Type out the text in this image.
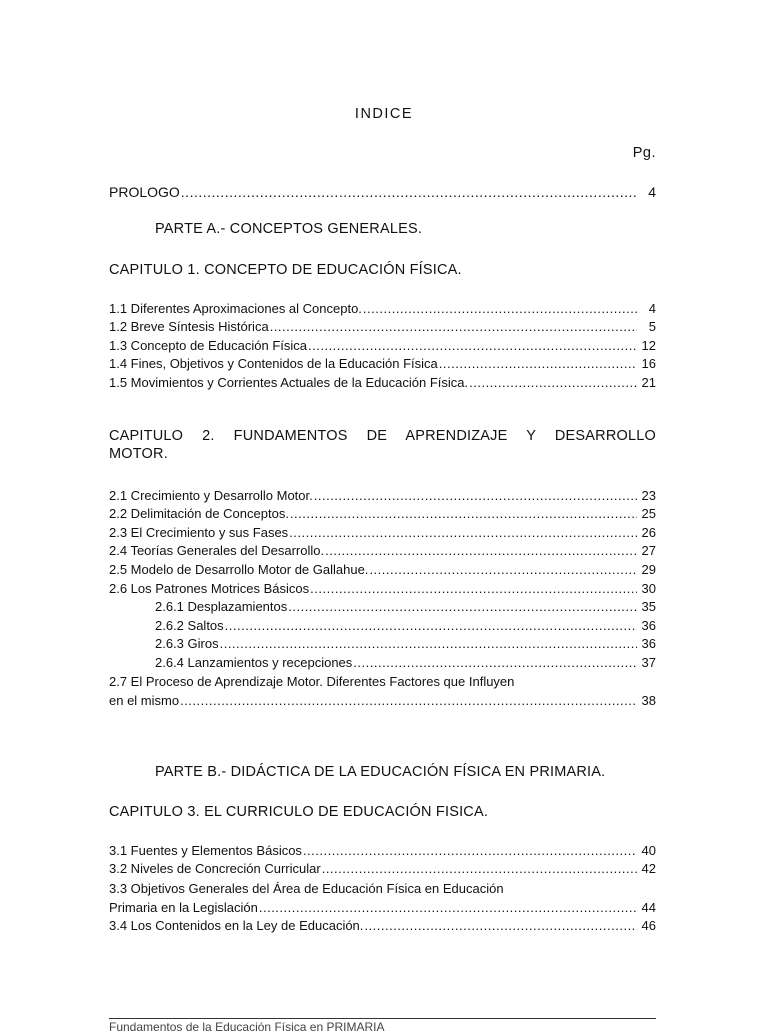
INDICE
Pg.
PROLOGO .....	4
PARTE A.- CONCEPTOS GENERALES.
CAPITULO 1. CONCEPTO DE EDUCACIÓN FÍSICA.
1.1 Diferentes Aproximaciones al Concepto. .....	4
1.2 Breve Síntesis Histórica .....	5
1.3 Concepto de Educación Física .....	12
1.4 Fines, Objetivos y Contenidos de la Educación Física .....	16
1.5 Movimientos y Corrientes Actuales de la Educación Física. .....	21
CAPITULO 2. FUNDAMENTOS DE APRENDIZAJE Y DESARROLLO
MOTOR.
2.1 Crecimiento y Desarrollo Motor. .....	23
2.2 Delimitación de Conceptos. .....	25
2.3 El Crecimiento y sus Fases .....	26
2.4 Teorías Generales del Desarrollo. .....	27
2.5 Modelo de Desarrollo Motor de Gallahue. .....	29
2.6 Los Patrones Motrices Básicos .....	30
2.6.1 Desplazamientos .....	35
2.6.2 Saltos .....	36
2.6.3 Giros .....	36
2.6.4 Lanzamientos y recepciones .....	37
2.7 El Proceso de Aprendizaje Motor. Diferentes Factores que Influyen
en el mismo .....	38
PARTE B.- DIDÁCTICA DE LA EDUCACIÓN FÍSICA EN PRIMARIA.
CAPITULO 3. EL CURRICULO DE EDUCACIÓN FISICA.
3.1 Fuentes y Elementos Básicos .....	40
3.2 Niveles de Concreción Curricular .....	42
3.3 Objetivos Generales del Área de Educación Física en Educación
Primaria en la Legislación .....	44
3.4 Los Contenidos en la Ley de Educación. .....	46
Fundamentos de la Educación Física en PRIMARIA
